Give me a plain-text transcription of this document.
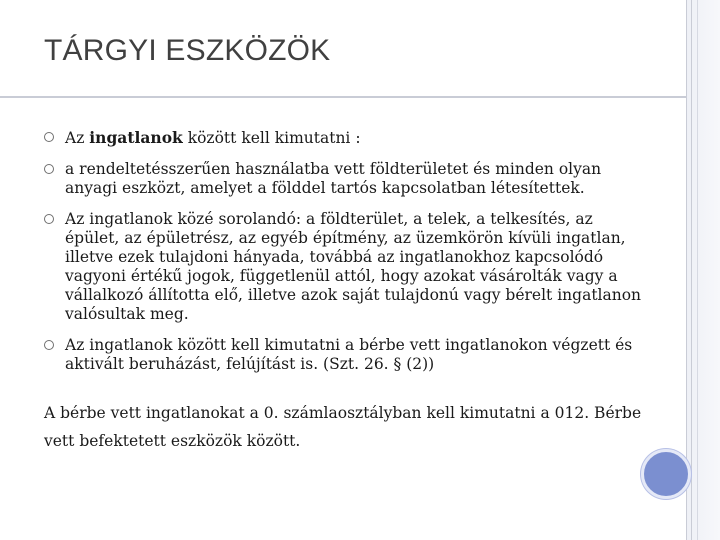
TÁRGYI ESZKÖZÖK
Az ingatlanok között kell kimutatni :
a rendeltetésszerűen használatba vett földterületet és minden olyan anyagi eszközt, amelyet a földdel tartós kapcsolatban létesítettek.
Az ingatlanok közé sorolandó: a földterület, a telek, a telkesítés, az épület, az épületrész, az egyéb építmény, az üzemkörön kívüli ingatlan, illetve ezek tulajdoni hányada, továbbá az ingatlanokhoz kapcsolódó vagyoni értékű jogok, függetlenül attól, hogy azokat vásárolták vagy a vállalkozó állította elő, illetve azok saját tulajdonú vagy bérelt ingatlanon valósultak meg.
Az ingatlanok között kell kimutatni a bérbe vett ingatlanokon végzett és aktivált beruházást, felújítást is. (Szt. 26. § (2))
A bérbe vett ingatlanokat a 0. számlaosztályban kell kimutatni a 012. Bérbe vett befektetett eszközök között.
